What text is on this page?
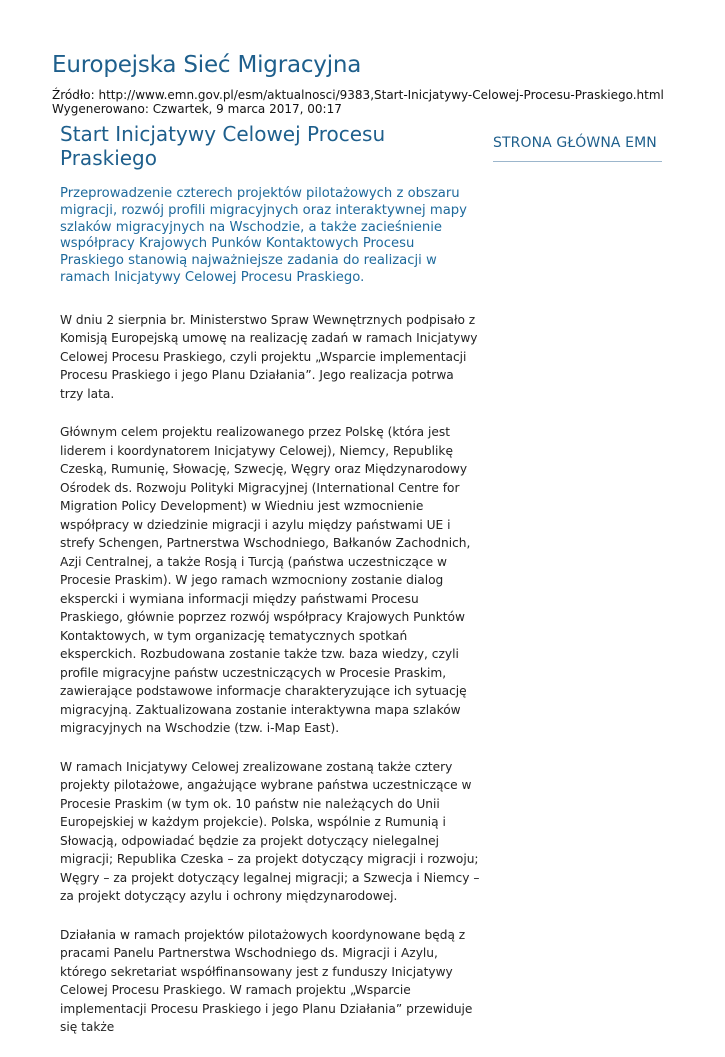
Europejska Sieć Migracyjna
Źródło: http://www.emn.gov.pl/esm/aktualnosci/9383,Start-Inicjatywy-Celowej-Procesu-Praskiego.html
Wygenerowano: Czwartek, 9 marca 2017, 00:17
Start Inicjatywy Celowej Procesu Praskiego

Przeprowadzenie czterech projektów pilotażowych z obszaru migracji, rozwój profili migracyjnych oraz interaktywnej mapy szlaków migracyjnych na Wschodzie, a także zacieśnienie współpracy Krajowych Punków Kontaktowych Procesu Praskiego stanowią najważniejsze zadania do realizacji w ramach Inicjatywy Celowej Procesu Praskiego.

W dniu 2 sierpnia br. Ministerstwo Spraw Wewnętrznych podpisało z Komisją Europejską umowę na realizację zadań w ramach Inicjatywy Celowej Procesu Praskiego, czyli projektu „Wsparcie implementacji Procesu Praskiego i jego Planu Działania”. Jego realizacja potrwa trzy lata.

Głównym celem projektu realizowanego przez Polskę (która jest liderem i koordynatorem Inicjatywy Celowej), Niemcy, Republikę Czeską, Rumunię, Słowację, Szwecję, Węgry oraz Międzynarodowy Ośrodek ds. Rozwoju Polityki Migracyjnej (International Centre for Migration Policy Development) w Wiedniu jest wzmocnienie współpracy w dziedzinie migracji i azylu między państwami UE i strefy Schengen, Partnerstwa Wschodniego, Bałkanów Zachodnich, Azji Centralnej, a także Rosją i Turcją (państwa uczestniczące w Procesie Praskim). W jego ramach wzmocniony zostanie dialog ekspercki i wymiana informacji między państwami Procesu Praskiego, głównie poprzez rozwój współpracy Krajowych Punktów Kontaktowych, w tym organizację tematycznych spotkań eksperckich. Rozbudowana zostanie także tzw. baza wiedzy, czyli profile migracyjne państw uczestniczących w Procesie Praskim, zawierające podstawowe informacje charakteryzujące ich sytuację migracyjną. Zaktualizowana zostanie interaktywna mapa szlaków migracyjnych na Wschodzie (tzw. i-Map East).

W ramach Inicjatywy Celowej zrealizowane zostaną także cztery projekty pilotażowe, angażujące wybrane państwa uczestniczące w Procesie Praskim (w tym ok. 10 państw nie należących do Unii Europejskiej w każdym projekcie). Polska, wspólnie z Rumunią i Słowacją, odpowiadać będzie za projekt dotyczący nielegalnej migracji; Republika Czeska – za projekt dotyczący migracji i rozwoju; Węgry – za projekt dotyczący legalnej migracji; a Szwecja i Niemcy – za projekt dotyczący azylu i ochrony międzynarodowej.

Działania w ramach projektów pilotażowych koordynowane będą z pracami Panelu Partnerstwa Wschodniego ds. Migracji i Azylu, którego sekretariat współfinansowany jest z funduszy Inicjatywy Celowej Procesu Praskiego. W ramach projektu „Wsparcie implementacji Procesu Praskiego i jego Planu Działania” przewiduje się także

STRONA GŁÓWNA EMN
